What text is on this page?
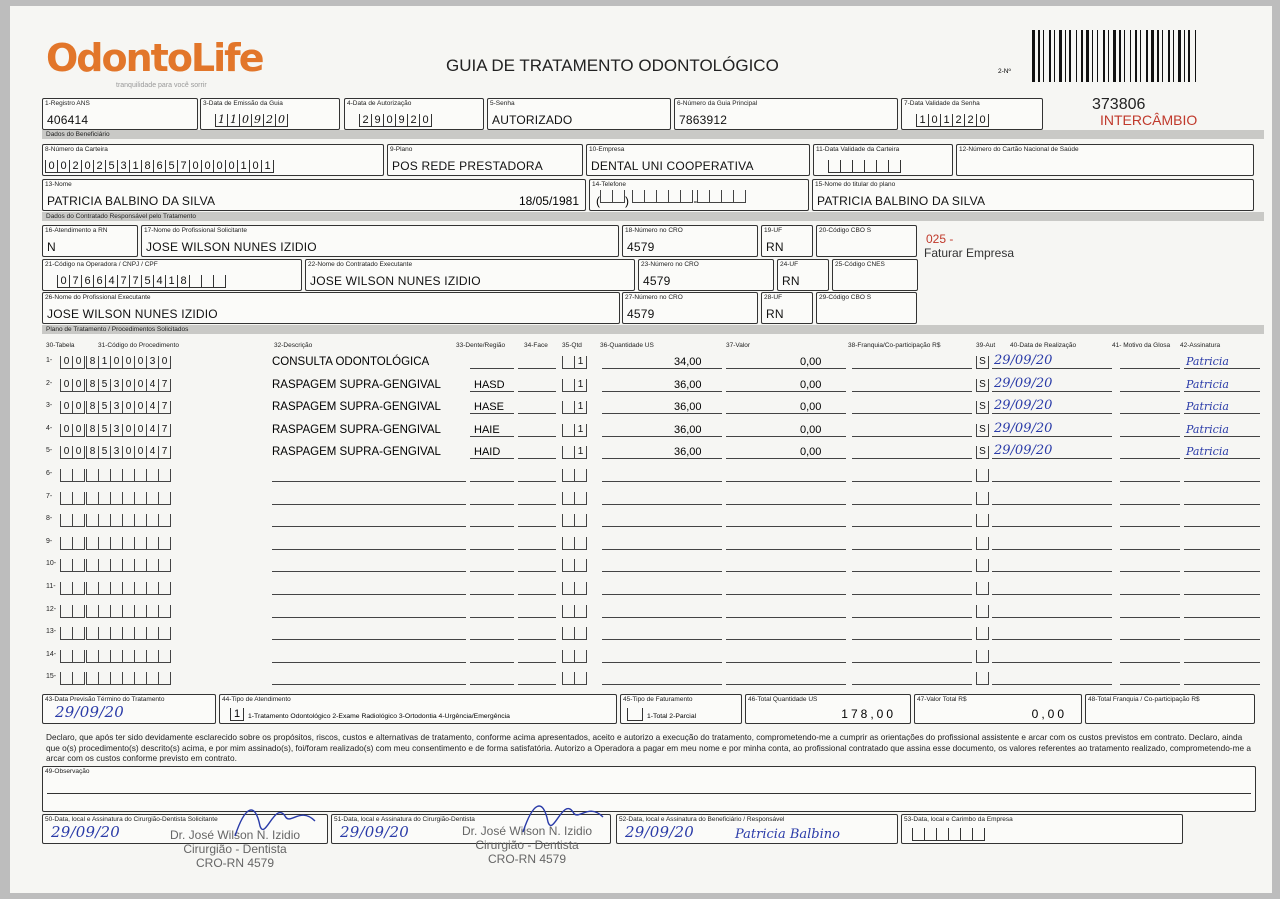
OdontoLife
tranquilidade para você sorrir
GUIA DE TRATAMENTO ODONTOLÓGICO	2-Nº
373806
INTERCÂMBIO
1-Registro ANS
406414
3-Data de Emissão da Guia
1 1 0 9 2 0
4-Data de Autorização
2 9 0 9 2 0
5-Senha
AUTORIZADO
6-Número da Guia Principal
7863912
7-Data Validade da Senha
1 0 1 2 2 0
Dados do Beneficiário
8-Número da Carteira
0 0 2 0 2 5 3 1 8 6 5 7 0 0 0 0 1 0 1
9-Plano
POS REDE PRESTADORA
10-Empresa
DENTAL UNI COOPERATIVA
11-Data Validade da Carteira	12-Número do Cartão Nacional de Saúde
13-Nome
PATRICIA BALBINO DA SILVA	18/05/1981
14-Telefone
( )	-
15-Nome do titular do plano
PATRICIA BALBINO DA SILVA
Dados do Contratado Responsável pelo Tratamento
16-Atendimento a RN
N
17-Nome do Profissional Solicitante
JOSE WILSON NUNES IZIDIO
18-Número no CRO
4579
19-UF
RN
20-Código CBO S
025 -
Faturar Empresa
21-Código na Operadora / CNPJ / CPF
0 7 6 6 4 7 7 5 4 1 8
22-Nome do Contratado Executante
JOSE WILSON NUNES IZIDIO
23-Número no CRO
4579
24-UF
RN
25-Código CNES
26-Nome do Profissional Executante
JOSE WILSON NUNES IZIDIO
27-Número no CRO
4579
28-UF
RN
29-Código CBO S
Plano de Tratamento / Procedimentos Solicitados
30-Tabela	31-Código do Procedimento	32-Descrição	33-Dente/Região	34-Face 35-Qtd	36-Quantidade US	37-Valor	38-Franquia/Co-participação R$	39-Aut 40-Data de Realização	41- Motivo da Glosa 42-Assinatura
1-	0 0 8 1 0 0 0 3 0	CONSULTA ODONTOLÓGICA	1	34,00	0,00	S 29/09/20	Patricia
2-	0 0 8 5 3 0 0 4 7	RASPAGEM SUPRA-GENGIVAL	HASD	1	36,00	0,00	S 29/09/20	Patricia
3-	0 0 8 5 3 0 0 4 7	RASPAGEM SUPRA-GENGIVAL	HASE	1	36,00	0,00	S 29/09/20	Patricia
4-	0 0 8 5 3 0 0 4 7	RASPAGEM SUPRA-GENGIVAL	HAIE	1	36,00	0,00	S 29/09/20	Patricia
5-	0 0 8 5 3 0 0 4 7	RASPAGEM SUPRA-GENGIVAL	HAID	1	36,00	0,00	S 29/09/20	Patricia
6-
7-
8-
9-
10-
11-
12-
13-
14-
15-
43-Data Previsão Término do Tratamento
29/09/20
44-Tipo de Atendimento
1	1-Tratamento Odontológico 2-Exame Radiológico 3-Ortodontia 4-Urgência/Emergência
45-Tipo de Faturamento
1-Total 2-Parcial
46-Total Quantidade US
178,00
47-Valor Total R$
0,00
48-Total Franquia / Co-participação R$
Declaro, que após ter sido devidamente esclarecido sobre os propósitos, riscos, custos e alternativas de tratamento, conforme acima apresentados, aceito e autorizo a execução do tratamento, comprometendo-me a cumprir as orientações do profissional assistente e arcar com os custos previstos em contrato. Declaro, ainda que o(s) procedimento(s) descrito(s) acima, e por mim assinado(s), foi/foram realizado(s) com meu consentimento e de forma satisfatória. Autorizo a Operadora a pagar em meu nome e por minha conta, ao profissional contratado que assina esse documento, os valores referentes ao tratamento realizado, comprometendo-me a arcar com os custos conforme previsto em contrato.
49-Observação
50-Data, local e Assinatura do Cirurgião-Dentista Solicitante
29/09/20
51-Data, local e Assinatura do Cirurgião-Dentista
29/09/20
52-Data, local e Assinatura do Beneficiário / Responsável
29/09/20	Patricia Balbino
53-Data, local e Carimbo da Empresa
Dr. José Wilson N. Izidio
Cirurgião - Dentista
CRO-RN 4579
Dr. José Wilson N. Izidio
Cirurgião - Dentista
CRO-RN 4579
